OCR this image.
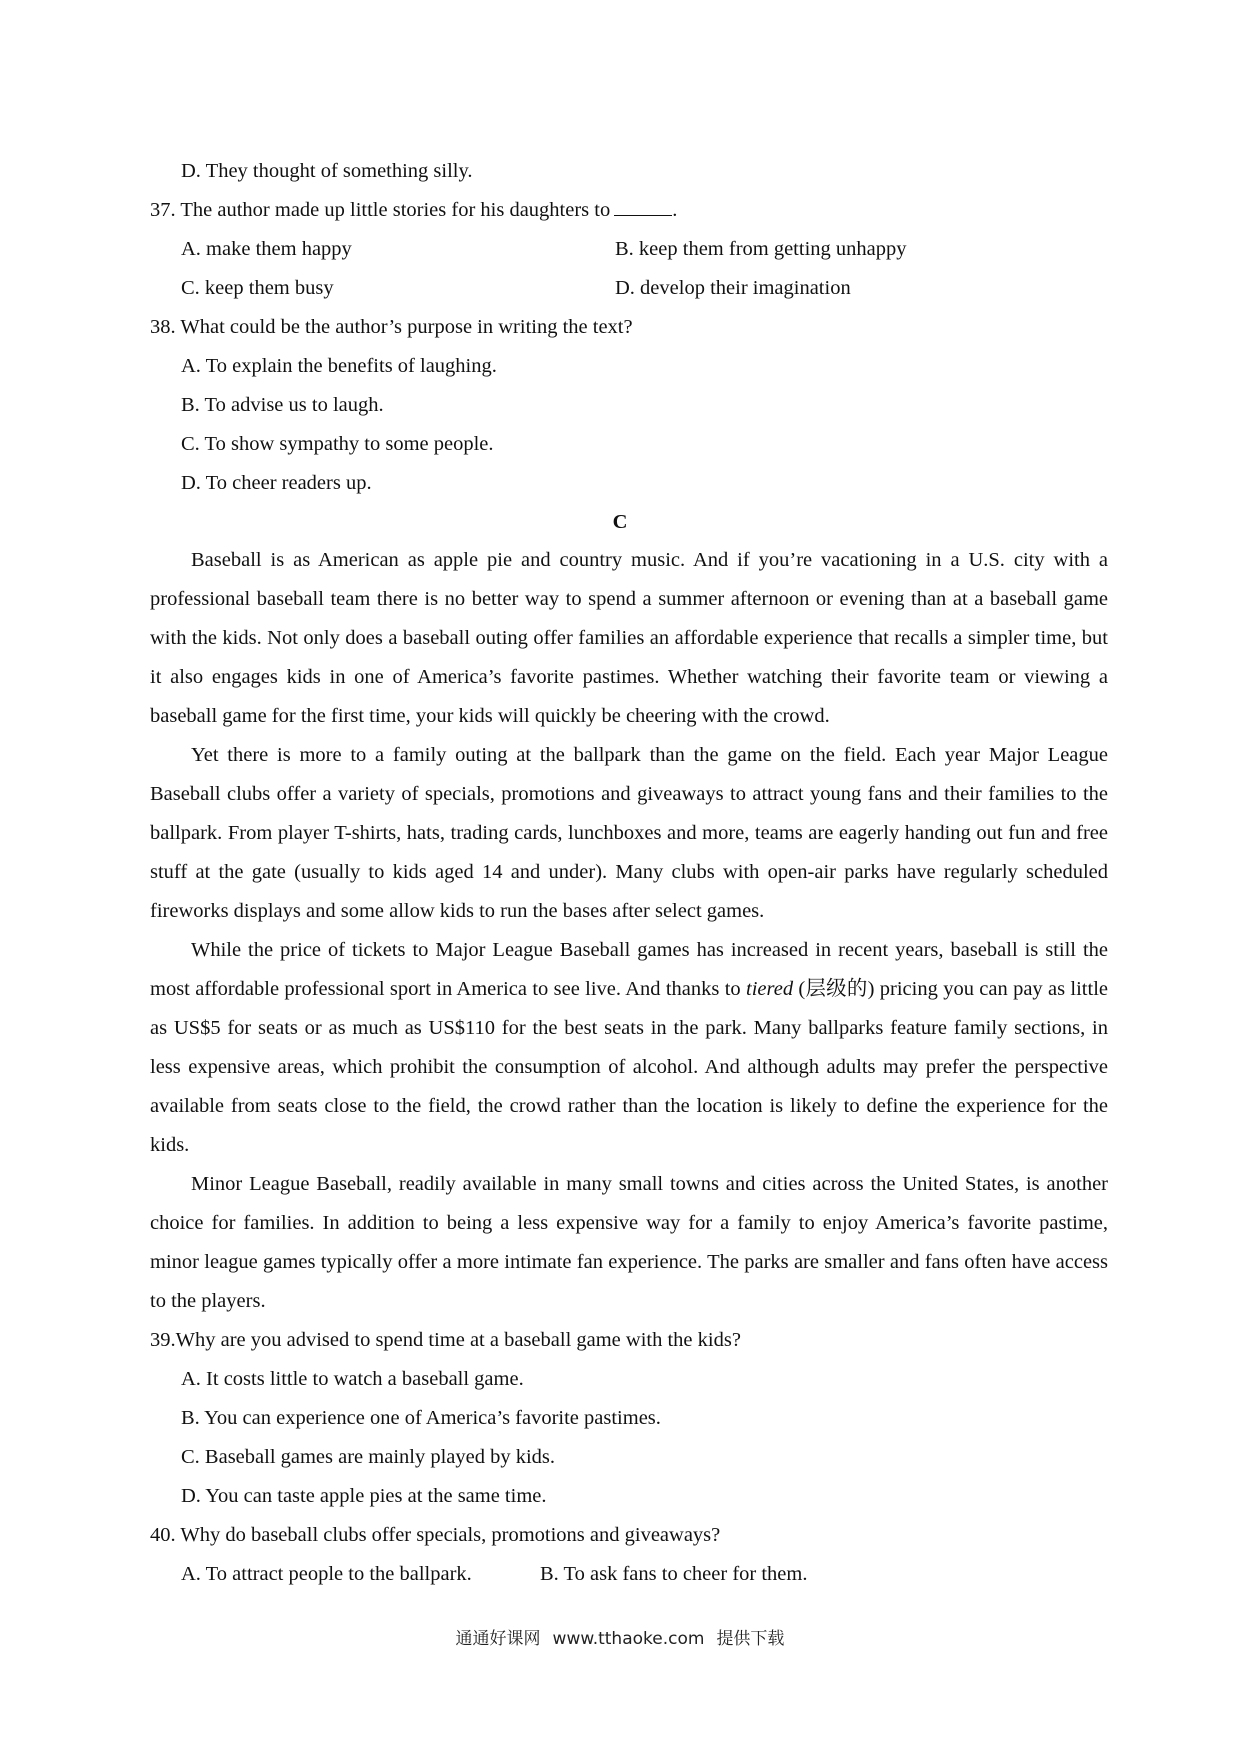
D. They thought of something silly.
37. The author made up little stories for his daughters to	.
A. make them happy	B. keep them from getting unhappy
C. keep them busy	D. develop their imagination
38. What could be the author’s purpose in writing the text?
A. To explain the benefits of laughing.
B. To advise us to laugh.
C. To show sympathy to some people.
D. To cheer readers up.
C
Baseball is as American as apple pie and country music. And if you’re vacationing in a U.S. city with a professional baseball team there is no better way to spend a summer afternoon or evening than at a baseball game with the kids. Not only does a baseball outing offer families an affordable experience that recalls a simpler time, but it also engages kids in one of America’s favorite pastimes. Whether watching their favorite team or viewing a baseball game for the first time, your kids will quickly be cheering with the crowd.
Yet there is more to a family outing at the ballpark than the game on the field. Each year Major League Baseball clubs offer a variety of specials, promotions and giveaways to attract young fans and their families to the ballpark. From player T-shirts, hats, trading cards, lunchboxes and more, teams are eagerly handing out fun and free stuff at the gate (usually to kids aged 14 and under). Many clubs with open-air parks have regularly scheduled fireworks displays and some allow kids to run the bases after select games.
While the price of tickets to Major League Baseball games has increased in recent years, baseball is still the most affordable professional sport in America to see live. And thanks to tiered (层级的) pricing you can pay as little as US$5 for seats or as much as US$110 for the best seats in the park. Many ballparks feature family sections, in less expensive areas, which prohibit the consumption of alcohol. And although adults may prefer the perspective available from seats close to the field, the crowd rather than the location is likely to define the experience for the kids.
Minor League Baseball, readily available in many small towns and cities across the United States, is another choice for families. In addition to being a less expensive way for a family to enjoy America’s favorite pastime, minor league games typically offer a more intimate fan experience. The parks are smaller and fans often have access to the players.
39.Why are you advised to spend time at a baseball game with the kids?
A. It costs little to watch a baseball game.
B. You can experience one of America’s favorite pastimes.
C. Baseball games are mainly played by kids.
D. You can taste apple pies at the same time.
40. Why do baseball clubs offer specials, promotions and giveaways?
A. To attract people to the ballpark.	B. To ask fans to cheer for them.
通通好课网 www.tthaoke.com 提供下载
